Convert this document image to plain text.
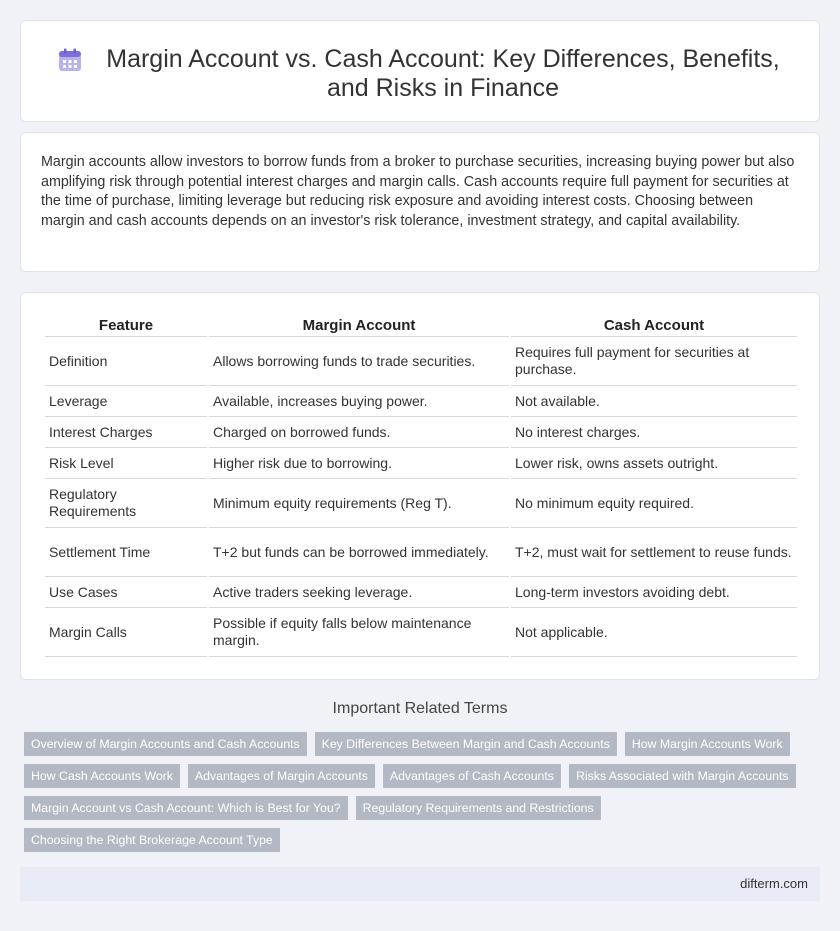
Margin Account vs. Cash Account: Key Differences, Benefits, and Risks in Finance

Margin accounts allow investors to borrow funds from a broker to purchase securities, increasing buying power but also amplifying risk through potential interest charges and margin calls. Cash accounts require full payment for securities at the time of purchase, limiting leverage but reducing risk exposure and avoiding interest costs. Choosing between margin and cash accounts depends on an investor's risk tolerance, investment strategy, and capital availability.

Feature	Margin Account	Cash Account
Definition	Allows borrowing funds to trade securities.	Requires full payment for securities at purchase.
Leverage	Available, increases buying power.	Not available.
Interest Charges	Charged on borrowed funds.	No interest charges.
Risk Level	Higher risk due to borrowing.	Lower risk, owns assets outright.
Regulatory Requirements	Minimum equity requirements (Reg T).	No minimum equity required.
Settlement Time	T+2 but funds can be borrowed immediately.	T+2, must wait for settlement to reuse funds.
Use Cases	Active traders seeking leverage.	Long-term investors avoiding debt.
Margin Calls	Possible if equity falls below maintenance margin.	Not applicable.
Important Related Terms
Overview of Margin Accounts and Cash Accounts	Key Differences Between Margin and Cash Accounts	How Margin Accounts Work
How Cash Accounts Work	Advantages of Margin Accounts	Advantages of Cash Accounts	Risks Associated with Margin Accounts
Margin Account vs Cash Account: Which is Best for You?	Regulatory Requirements and Restrictions
Choosing the Right Brokerage Account Type
difterm.com
